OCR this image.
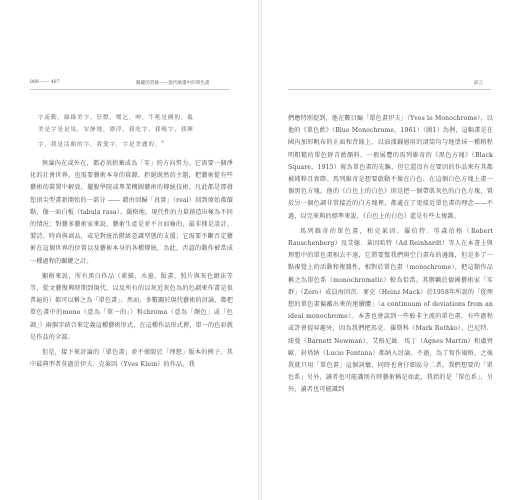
888 —— 487	關鍵的責藝——現代繪畫中的單色畫
字流動，綠綠美字，狂燃，嘆乞，呻，牛吼是國的，亂
美是字是是馬，安靜地，漂浮，我吃字，我喝字，我睡
字，我是活顛的字，我愛字，字是美麗的。$^5$

無論內在或外在，都必須捨棄成為「零」的方向努力。它需要一個淨化的社會世界，也需要藝術本身的資源，拒絕既然的主題，把藝術從有些藝術的裝置中解放，擺脫學院或專業構圖藝術的傳統技術。凡此都是那發您頂尖型畫新開始的一部分 —— 藉由回歸「真實」（real）回到原始都價點，像一面白板（tabula rasa）。嚴格地，現代性的力量創造出極為不同的情況；對藝多藝術家來說，藝術生產是並不言而喻的，最非僅是設計、製詩、時尚與商品，或是對統治階級意識型態的支援；它需要不斷否定藝術在這個世界的位置以及藝術本身的各種傳統，為此，否認的動作被當成一種過程的關鍵之計。

顯格來說，所有黑白作品（素描、水墨、版畫、照片與灰色網法等等，從文藝復興時期到現代，以及所有的以灰近灰色為的色調來作畫是很普遍的）都可以稱之為「單色畫」。然而，多數關於現代藝術的討論，都把單色畫中的mono（意為「單一的」）和chroma（意為「顏色」或「色調」）兩個字結合來定義這種藝術形式，在這種作品形式裡，單一的色彩就是作品的全部。

但是，接下來討論的「單色畫」並不僅限於「理想」版本的例子。其中最典型者莫過於伊夫．克萊因（Yves Klein）的作品，我

前言

們應特別提到，他在數目編「單色畫伊夫」（Yves le Monochrome），以他的《單色藍》（Blue Monochrome，1961）（圖1）為例，這幅畫是在國內加形帆布的正面和背緣上，以油漆鋪層用的滾筒均勻地塗抹一種稍程明粗糙的單色群青藍顏料，一般展覽的馬列維奇的《黑色方塊》（Black Square，1915）視為單色畫的先驅，但它還沒有在要因的作品來有其都被純粹且實際。馬列維奇是想要啟動不像在白色、在這個白色方塊上畫一個黑色方塊。他的《白色上的白色》則是把一個帶肌灰色的白色方塊，置於另一個色調非常接近的白方塊裡，都處在了更接近單色畫的理念——不過，以完來與的標準來說，《白色上的白色》還是有些太複雜。

馬列維奇的單色畫，和克萊因、羅伯特．勞森伯格（Robert Rauschenberg）及艾德．萊因哈特（Ad Reinhardt）等人在本書上與理想中的單色畫相去不遠，它將要幫我們與空白畫布的邊緣，但是多了一點視覺上的活動和複雜性，相對於單色畫（monochrome），把這類作品稱之為單色系（monochromatic）較為恰當。其辦麟於德國藝術家「零群」（Zero）成員海因茨．麥克（Heinz Mack）於1958年所說的「從理想的單色畫偏離出來的連續體」（a continuum of deviations from an ideal monochrome）。本書也會談到一些較非主流的單色畫，有些過程或許會提昇趣外，因為我們把馬克．羅斯科（Mark Rothko）、巴尼特．紐曼（Barnett Newman）、艾格尼絲．馬丁（Agnes Martin）和盧齊歐．封塔納（Lucio Fontana）都納入討論。不過，為了寫作風格，之後我就只用「單色畫」這個詞彙，同時也會仔細區分二者。我們想要的「單色系」另外，讀者也可能識別有時藝術稱是如此，我指的是「單色系」，另外，讀者也可能識到
